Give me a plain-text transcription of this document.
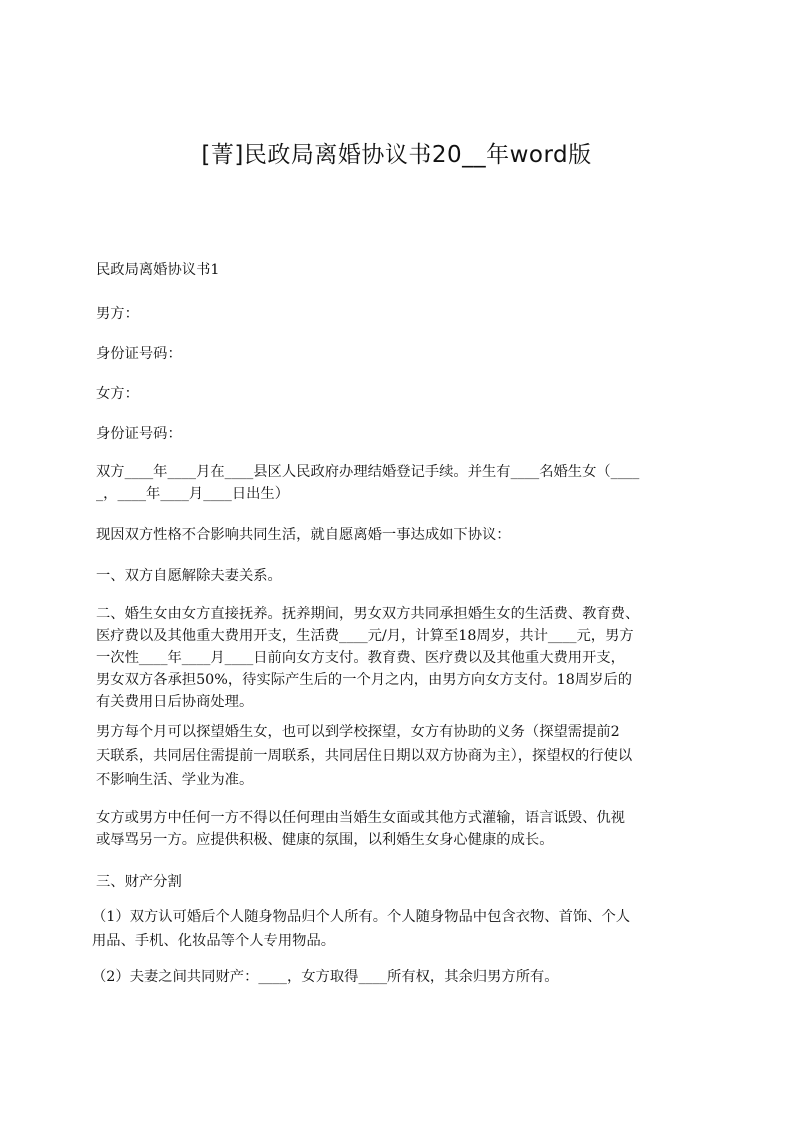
[菁]民政局离婚协议书20__年word版

民政局离婚协议书1

男方：

身份证号码：

女方：

身份证号码：

双方____年____月在____县区人民政府办理结婚登记手续。并生有____名婚生女（____
_，____年____月____日出生）

现因双方性格不合影响共同生活，就自愿离婚一事达成如下协议：

一、双方自愿解除夫妻关系。

二、婚生女由女方直接抚养。抚养期间，男女双方共同承担婚生女的生活费、教育费、
医疗费以及其他重大费用开支，生活费____元/月，计算至18周岁，共计____元，男方
一次性____年____月____日前向女方支付。教育费、医疗费以及其他重大费用开支，
男女双方各承担50%，待实际产生后的一个月之内，由男方向女方支付。18周岁后的
有关费用日后协商处理。
男方每个月可以探望婚生女，也可以到学校探望，女方有协助的义务（探望需提前2
天联系，共同居住需提前一周联系，共同居住日期以双方协商为主），探望权的行使以
不影响生活、学业为准。
女方或男方中任何一方不得以任何理由当婚生女面或其他方式灌输，语言诋毁、仇视
或辱骂另一方。应提供积极、健康的氛围，以利婚生女身心健康的成长。

三、财产分割

（1）双方认可婚后个人随身物品归个人所有。个人随身物品中包含衣物、首饰、个人
用品、手机、化妆品等个人专用物品。

（2）夫妻之间共同财产：____，女方取得____所有权，其余归男方所有。
